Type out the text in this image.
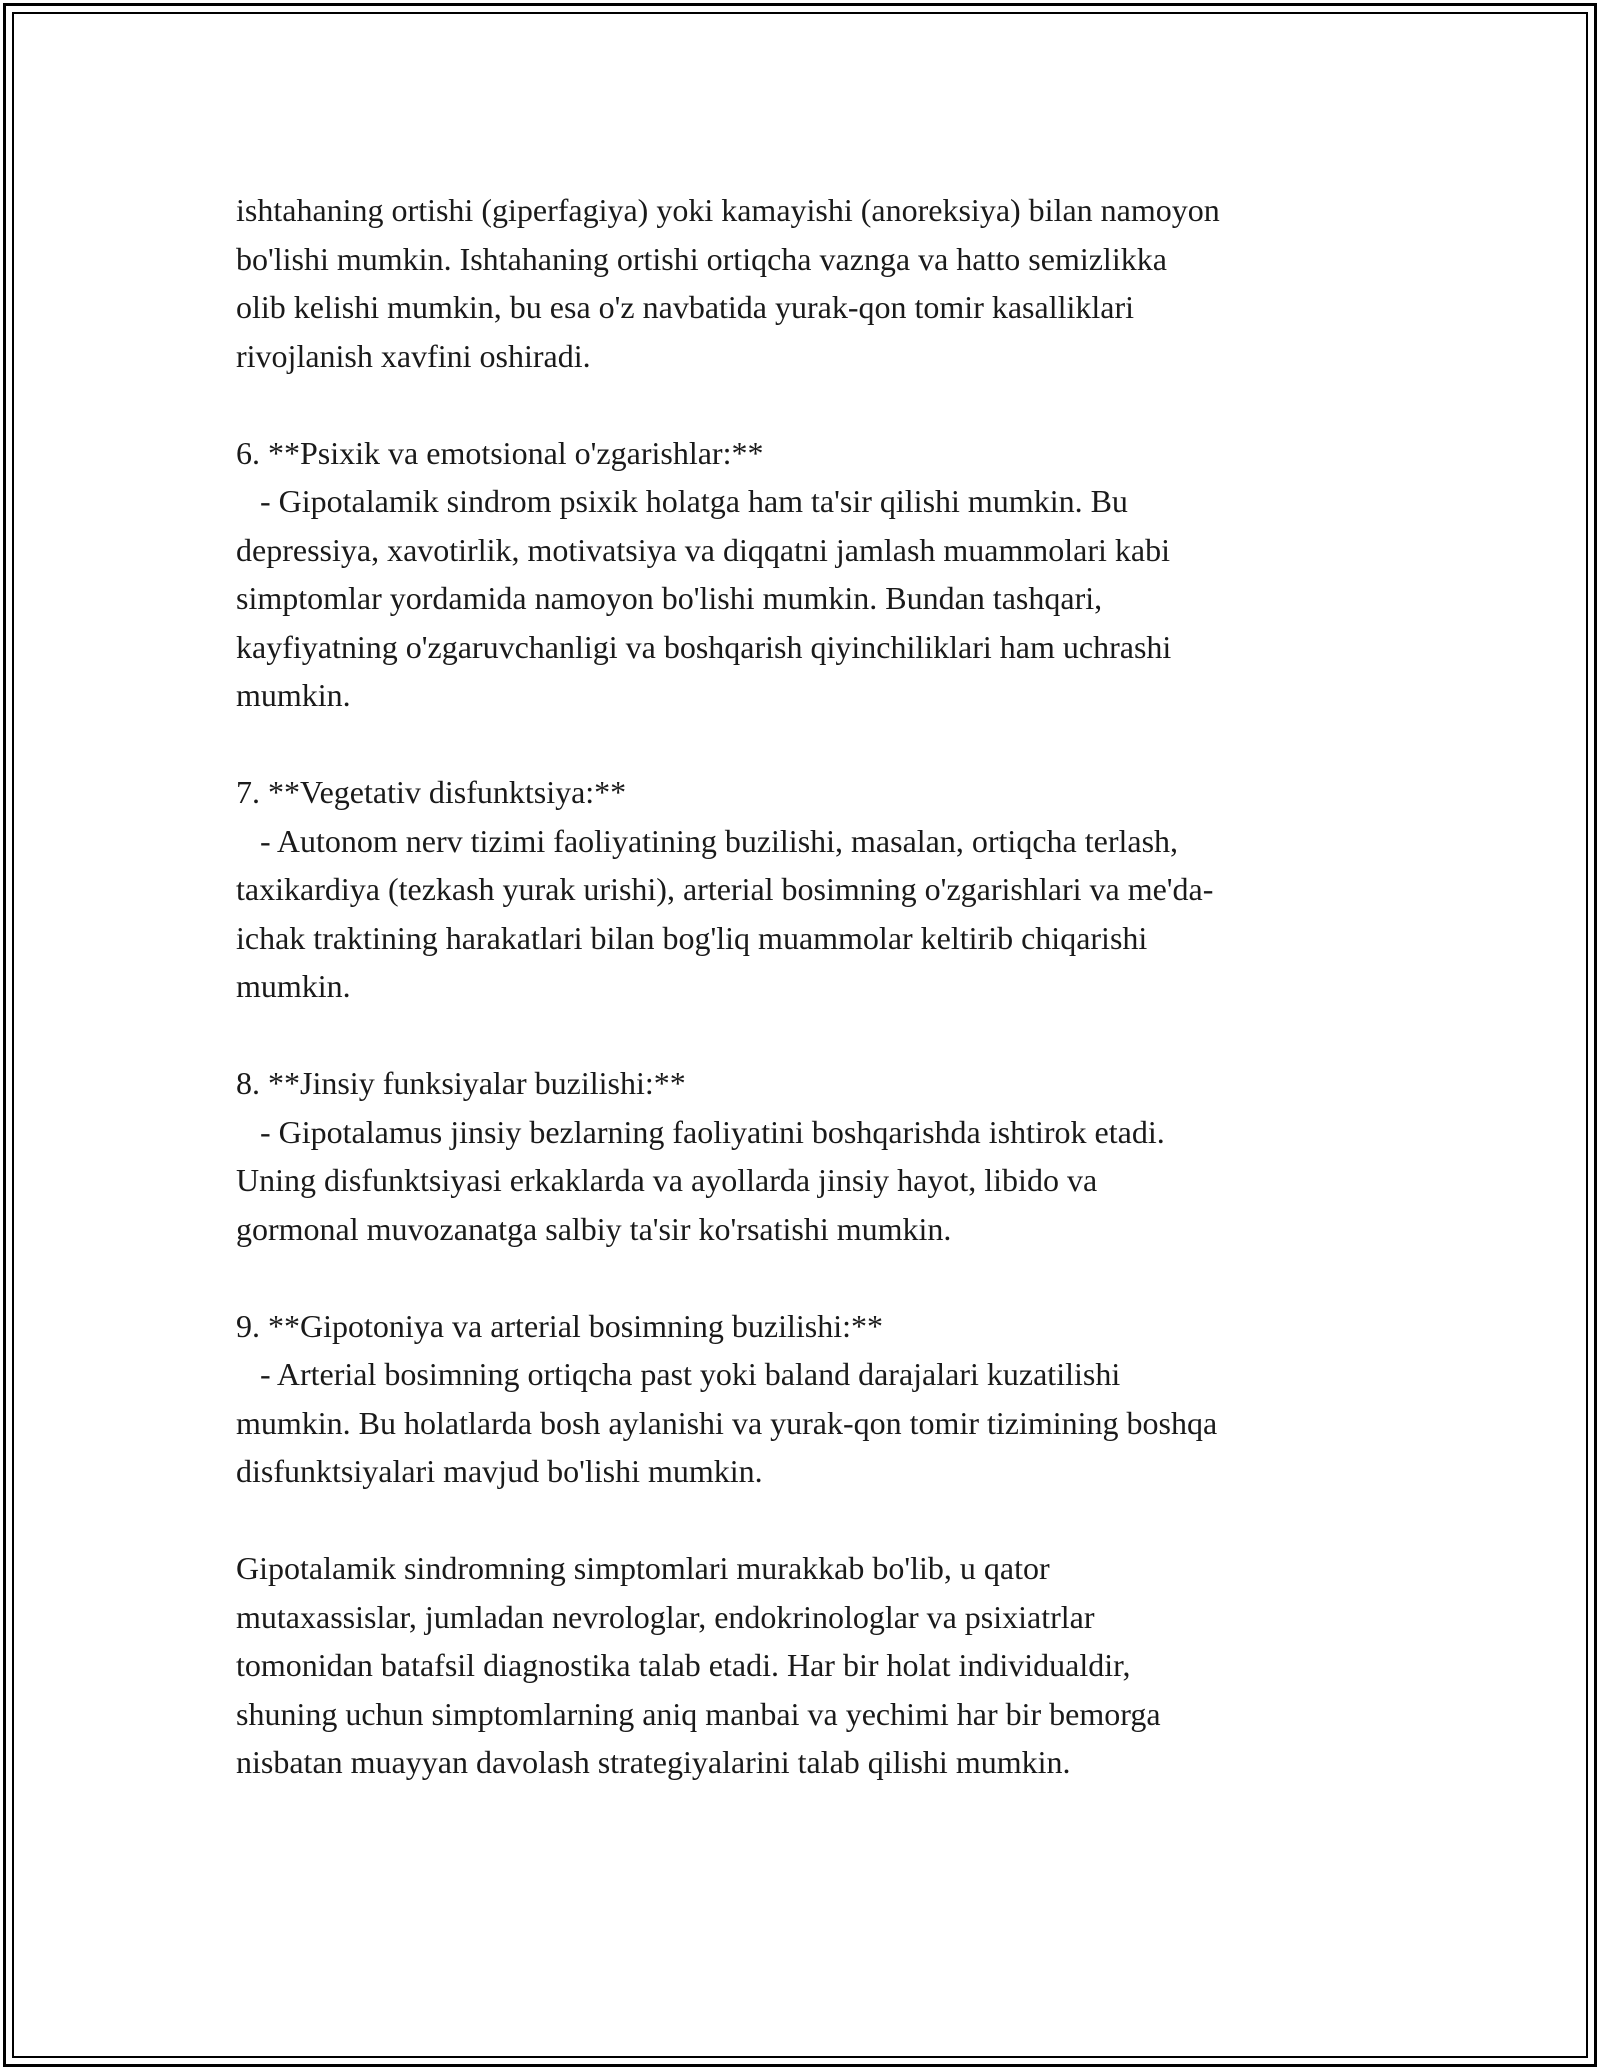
ishtahaning ortishi (giperfagiya) yoki kamayishi (anoreksiya) bilan namoyon
bo'lishi mumkin. Ishtahaning ortishi ortiqcha vaznga va hatto semizlikka
olib kelishi mumkin, bu esa o'z navbatida yurak-qon tomir kasalliklari
rivojlanish xavfini oshiradi.
6. **Psixik va emotsional o'zgarishlar:**
- Gipotalamik sindrom psixik holatga ham ta'sir qilishi mumkin. Bu
depressiya, xavotirlik, motivatsiya va diqqatni jamlash muammolari kabi
simptomlar yordamida namoyon bo'lishi mumkin. Bundan tashqari,
kayfiyatning o'zgaruvchanligi va boshqarish qiyinchiliklari ham uchrashi
mumkin.
7. **Vegetativ disfunktsiya:**
- Autonom nerv tizimi faoliyatining buzilishi, masalan, ortiqcha terlash,
taxikardiya (tezkash yurak urishi), arterial bosimning o'zgarishlari va me'da-
ichak traktining harakatlari bilan bog'liq muammolar keltirib chiqarishi
mumkin.
8. **Jinsiy funksiyalar buzilishi:**
- Gipotalamus jinsiy bezlarning faoliyatini boshqarishda ishtirok etadi.
Uning disfunktsiyasi erkaklarda va ayollarda jinsiy hayot, libido va
gormonal muvozanatga salbiy ta'sir ko'rsatishi mumkin.
9. **Gipotoniya va arterial bosimning buzilishi:**
- Arterial bosimning ortiqcha past yoki baland darajalari kuzatilishi
mumkin. Bu holatlarda bosh aylanishi va yurak-qon tomir tizimining boshqa
disfunktsiyalari mavjud bo'lishi mumkin.
Gipotalamik sindromning simptomlari murakkab bo'lib, u qator
mutaxassislar, jumladan nevrologlar, endokrinologlar va psixiatrlar
tomonidan batafsil diagnostika talab etadi. Har bir holat individualdir,
shuning uchun simptomlarning aniq manbai va yechimi har bir bemorga
nisbatan muayyan davolash strategiyalarini talab qilishi mumkin.
